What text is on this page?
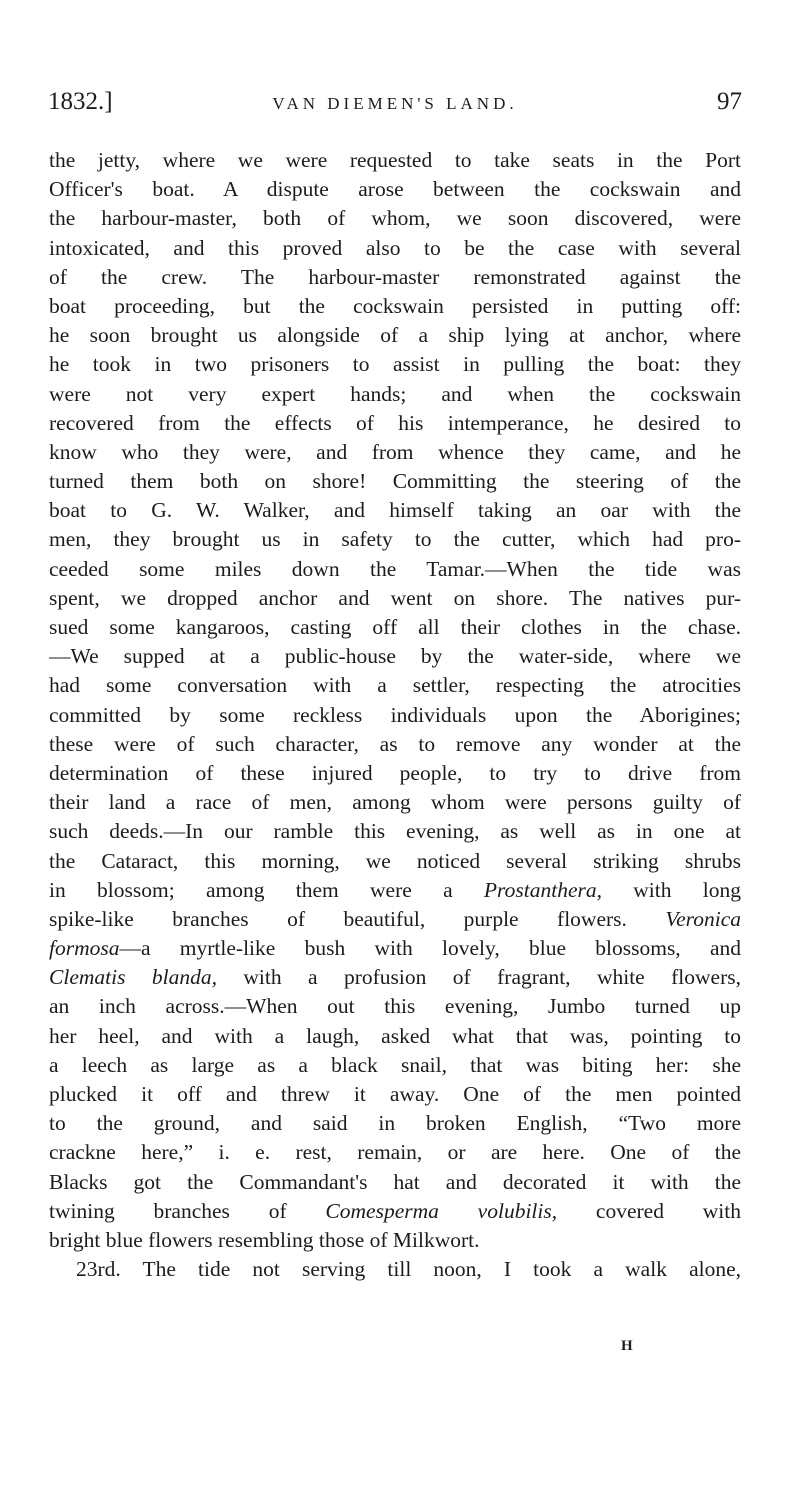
1832.]	VAN DIEMEN'S LAND.	97
the jetty, where we were requested to take seats in the Port
Officer's boat. A dispute arose between the cockswain and
the harbour-master, both of whom, we soon discovered, were
intoxicated, and this proved also to be the case with several
of the crew. The harbour-master remonstrated against the
boat proceeding, but the cockswain persisted in putting off:
he soon brought us alongside of a ship lying at anchor, where
he took in two prisoners to assist in pulling the boat: they
were not very expert hands; and when the cockswain
recovered from the effects of his intemperance, he desired to
know who they were, and from whence they came, and he
turned them both on shore! Committing the steering of the
boat to G. W. Walker, and himself taking an oar with the
men, they brought us in safety to the cutter, which had pro-
ceeded some miles down the Tamar.—When the tide was
spent, we dropped anchor and went on shore. The natives pur-
sued some kangaroos, casting off all their clothes in the chase.
—We supped at a public-house by the water-side, where we
had some conversation with a settler, respecting the atrocities
committed by some reckless individuals upon the Aborigines;
these were of such character, as to remove any wonder at the
determination of these injured people, to try to drive from
their land a race of men, among whom were persons guilty of
such deeds.—In our ramble this evening, as well as in one at
the Cataract, this morning, we noticed several striking shrubs
in blossom; among them were a Prostanthera, with long
spike-like branches of beautiful, purple flowers. Veronica
formosa—a myrtle-like bush with lovely, blue blossoms, and
Clematis blanda, with a profusion of fragrant, white flowers,
an inch across.—When out this evening, Jumbo turned up
her heel, and with a laugh, asked what that was, pointing to
a leech as large as a black snail, that was biting her: she
plucked it off and threw it away. One of the men pointed
to the ground, and said in broken English, “Two more
crackne here,” i. e. rest, remain, or are here. One of the
Blacks got the Commandant's hat and decorated it with the
twining branches of Comesperma volubilis, covered with
bright blue flowers resembling those of Milkwort.
23rd. The tide not serving till noon, I took a walk alone,
H
